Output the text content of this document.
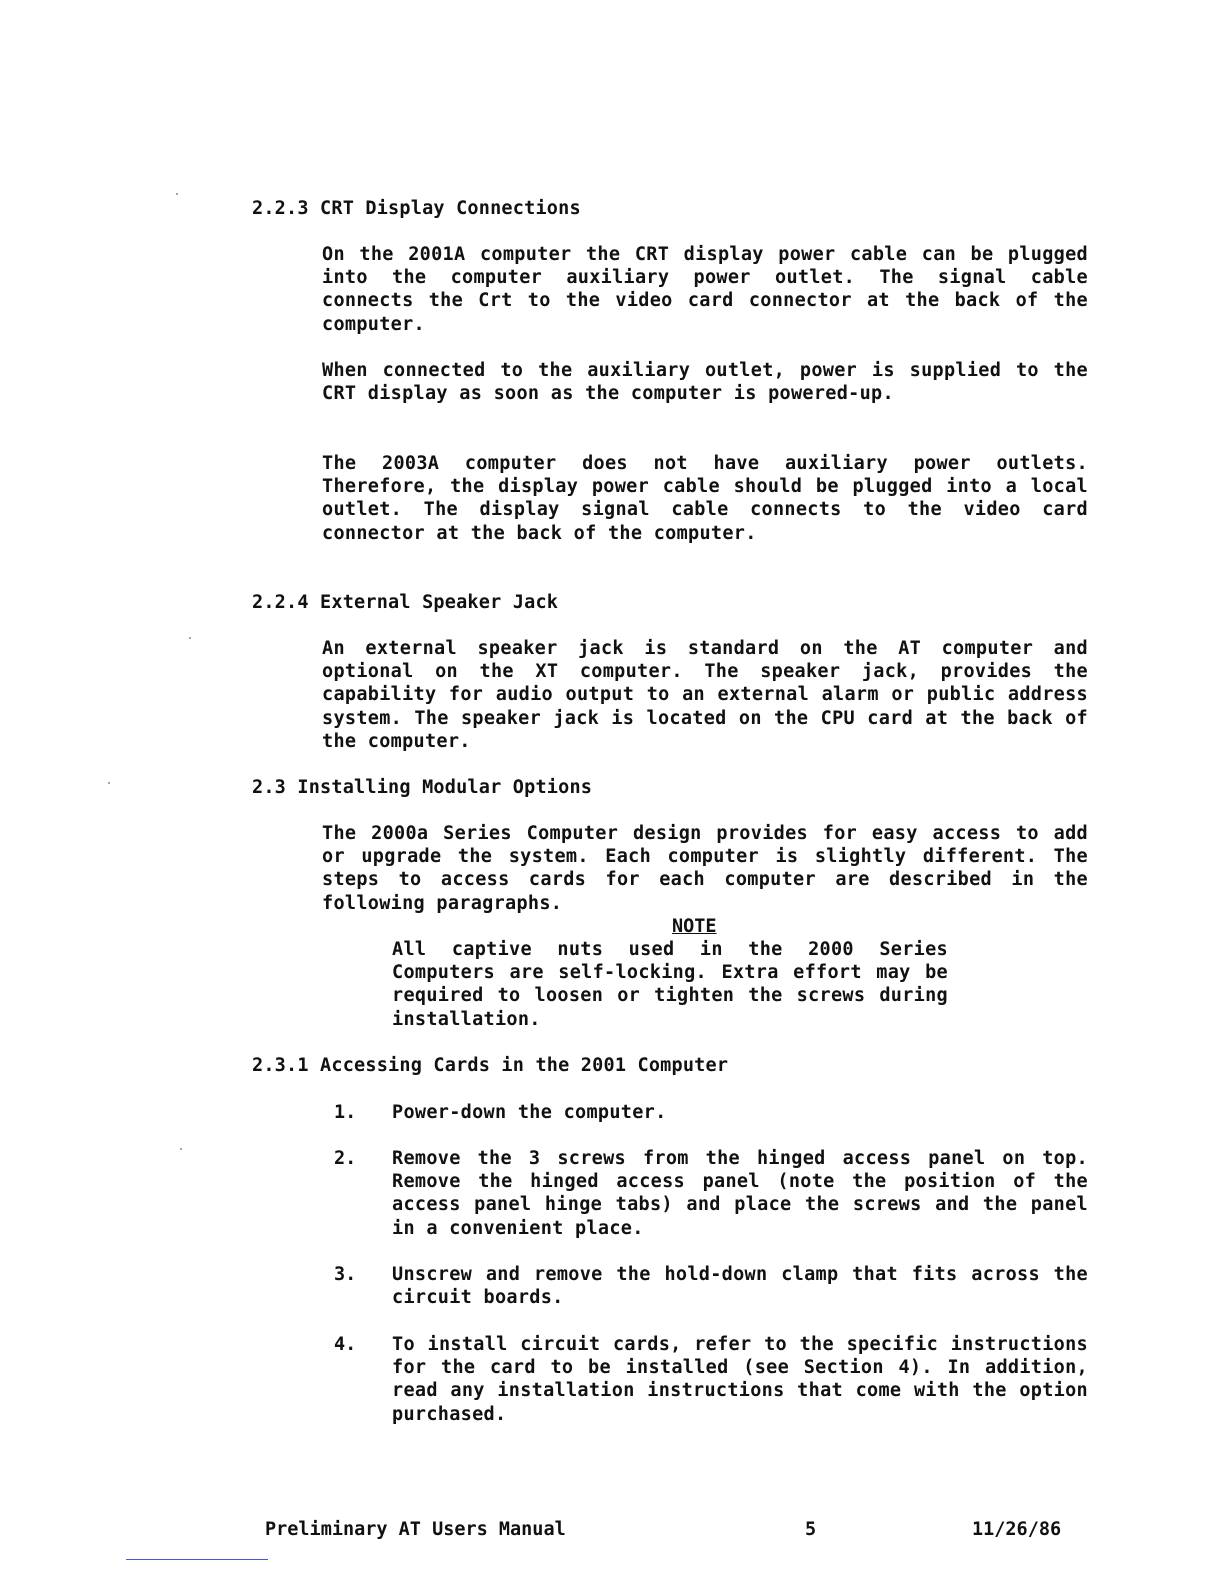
2.2.3 CRT Display Connections
On the 2001A computer the CRT display power cable can be plugged into the computer auxiliary power outlet. The signal cable connects the Crt to the video card connector at the back of the computer.
When connected to the auxiliary outlet, power is supplied to the CRT display as soon as the computer is powered-up.
The 2003A computer does not have auxiliary power outlets. Therefore, the display power cable should be plugged into a local outlet. The display signal cable connects to the video card connector at the back of the computer.
2.2.4 External Speaker Jack
An external speaker jack is standard on the AT computer and optional on the XT computer. The speaker jack, provides the capability for audio output to an external alarm or public address system. The speaker jack is located on the CPU card at the back of the computer.
2.3 Installing Modular Options
The 2000a Series Computer design provides for easy access to add or upgrade the system. Each computer is slightly different. The steps to access cards for each computer are described in the following paragraphs.
NOTE
All captive nuts used in the 2000 Series Computers are self-locking. Extra effort may be required to loosen or tighten the screws during installation.
2.3.1 Accessing Cards in the 2001 Computer
1. Power-down the computer.
2. Remove the 3 screws from the hinged access panel on top. Remove the hinged access panel (note the position of the access panel hinge tabs) and place the screws and the panel in a convenient place.
3. Unscrew and remove the hold-down clamp that fits across the circuit boards.
4. To install circuit cards, refer to the specific instructions for the card to be installed (see Section 4). In addition, read any installation instructions that come with the option purchased.
Preliminary AT Users Manual	5	11/26/86
